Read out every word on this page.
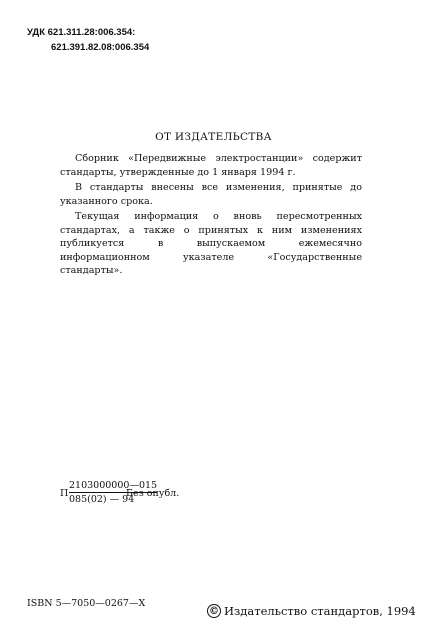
УДК 621.311.28:006.354:
621.391.82.08:006.354
ОТ ИЗДАТЕЛЬСТВА

Сборник «Передвижные электростанции» содержит стандарты, утвержденные до 1 января 1994 г.

В стандарты внесены все изменения, принятые до указанного срока.

Текущая информация о вновь пересмотренных стандартах, а также о принятых к ним изменениях публикуется в выпускаемом ежемесячно информационном указателе «Государственные стандарты».

П $\frac{2103000000—015}{085(02) — 94}$
Без опубл.
ISBN 5—7050—0267—X
© Издательство стандартов, 1994
